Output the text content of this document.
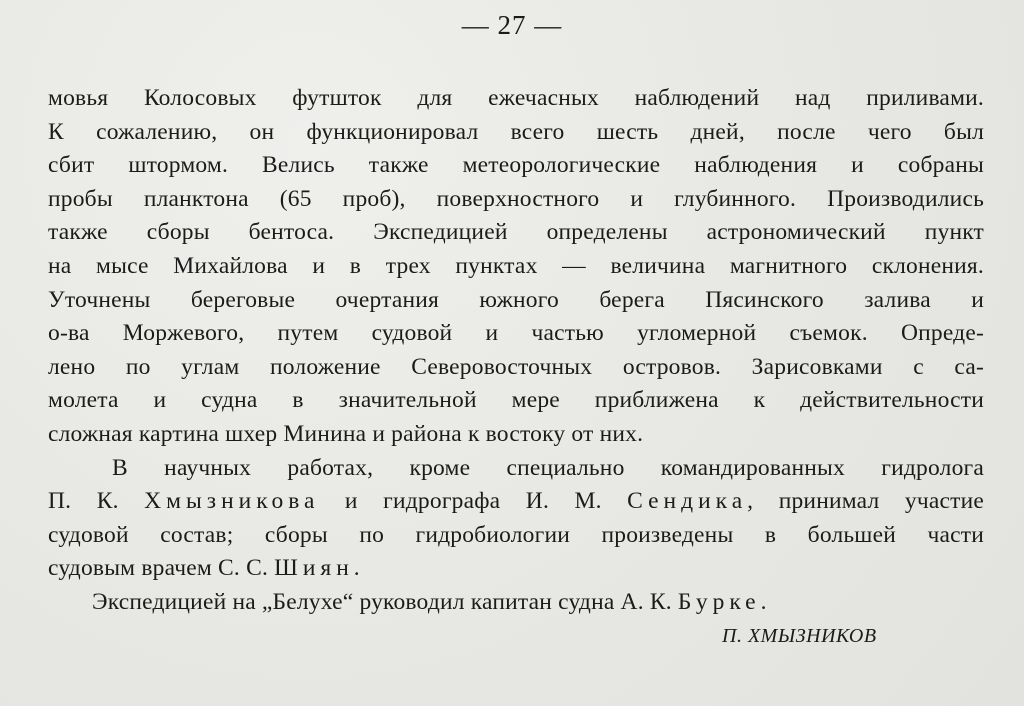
— 27 —
мовья Колосовых футшток для ежечасных наблюдений над приливами.
К сожалению, он функционировал всего шесть дней, после чего был
сбит штормом. Велись также метеорологические наблюдения и собраны
пробы планктона (65 проб), поверхностного и глубинного. Производились
также сборы бентоса. Экспедицией определены астрономический пункт
на мысе Михайлова и в трех пунктах — величина магнитного склонения.
Уточнены береговые очертания южного берега Пясинского залива и
о-ва Моржевого, путем судовой и частью угломерной съемок. Опреде-
лено по углам положение Северовосточных островов. Зарисовками с са-
молета и судна в значительной мере приближена к действительности
сложная картина шхер Минина и района к востоку от них.
В научных работах, кроме специально командированных гидролога
П. К. Хмызникова и гидрографа И. М. Сендика, принимал участие
судовой состав; сборы по гидробиологии произведены в большей части
судовым врачем С. С. Шиян.
Экспедицией на „Белухе“ руководил капитан судна А. К. Бурке.
П. ХМЫЗНИКОВ
